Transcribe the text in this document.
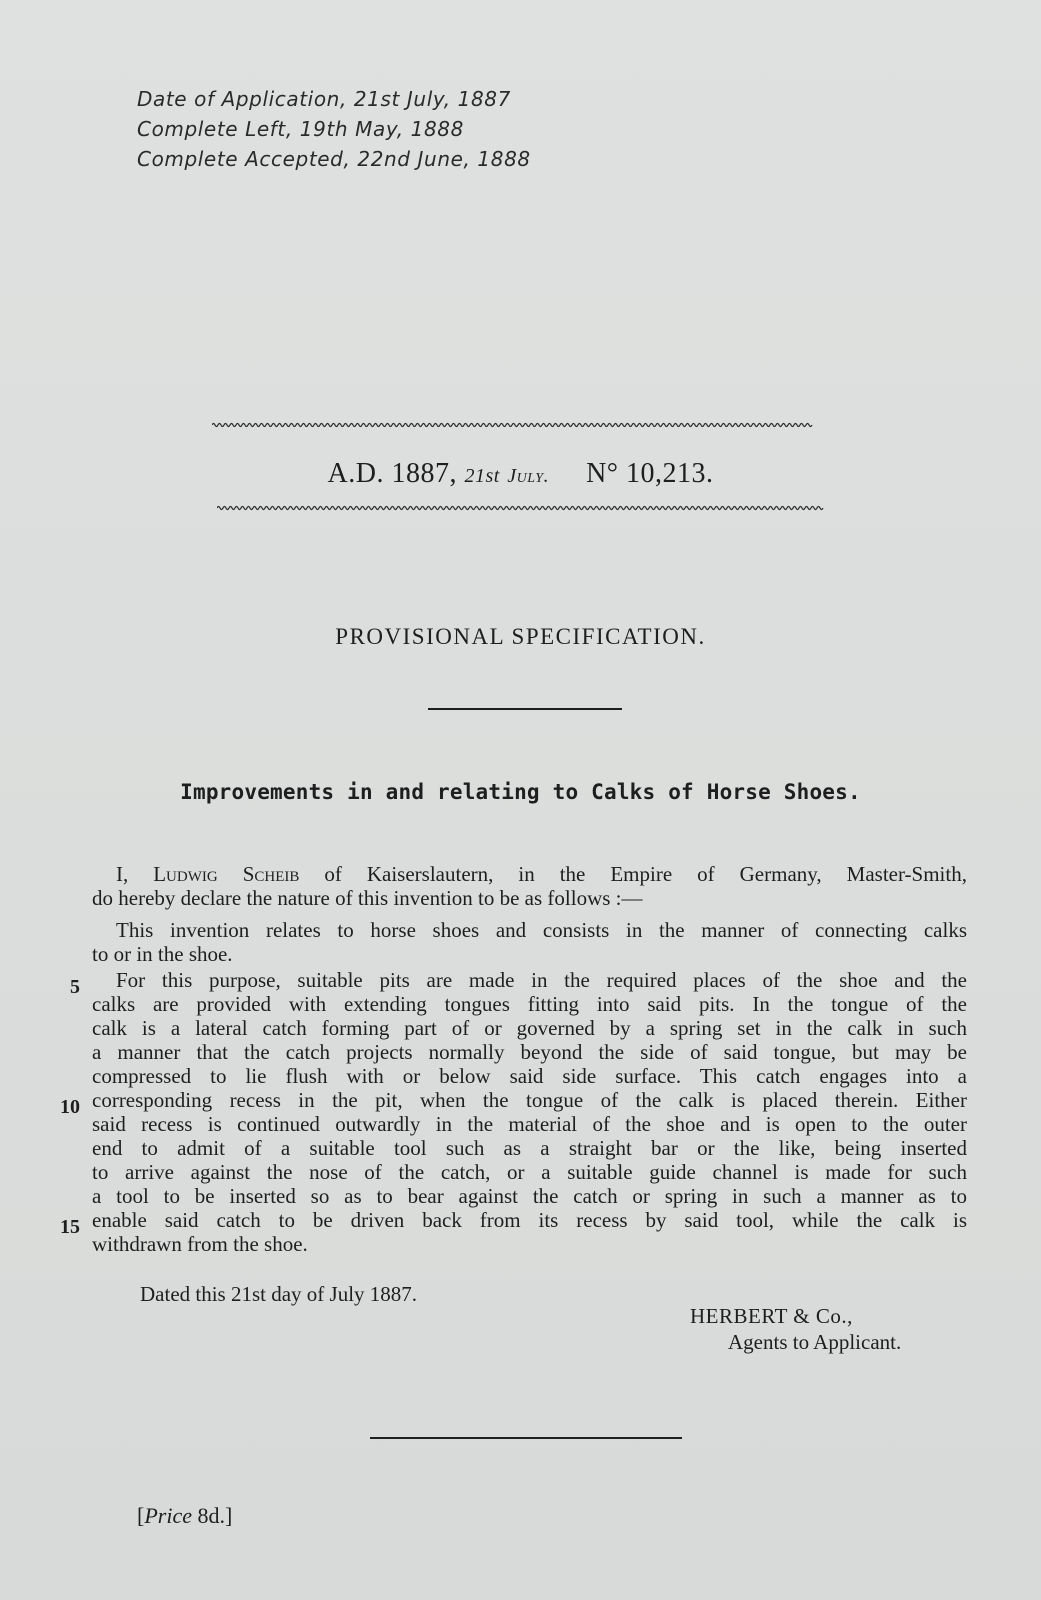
Date of Application, 21st July, 1887
Complete Left, 19th May, 1888
Complete Accepted, 22nd June, 1888
A.D. 1887, 21st July. N° 10,213.
PROVISIONAL SPECIFICATION.
Improvements in and relating to Calks of Horse Shoes.
I, Ludwig Scheib of Kaiserslautern, in the Empire of Germany, Master-Smith,
do hereby declare the nature of this invention to be as follows :—
This invention relates to horse shoes and consists in the manner of connecting calks
to or in the shoe.
For this purpose, suitable pits are made in the required places of the shoe and the
calks are provided with extending tongues fitting into said pits. In the tongue of the
calk is a lateral catch forming part of or governed by a spring set in the calk in such
a manner that the catch projects normally beyond the side of said tongue, but may be
compressed to lie flush with or below said side surface. This catch engages into a
corresponding recess in the pit, when the tongue of the calk is placed therein. Either
said recess is continued outwardly in the material of the shoe and is open to the outer
end to admit of a suitable tool such as a straight bar or the like, being inserted
to arrive against the nose of the catch, or a suitable guide channel is made for such
a tool to be inserted so as to bear against the catch or spring in such a manner as to
enable said catch to be driven back from its recess by said tool, while the calk is
withdrawn from the shoe.
5
10
15
Dated this 21st day of July 1887.
HERBERT & Co.,
Agents to Applicant.
[Price 8d.]
